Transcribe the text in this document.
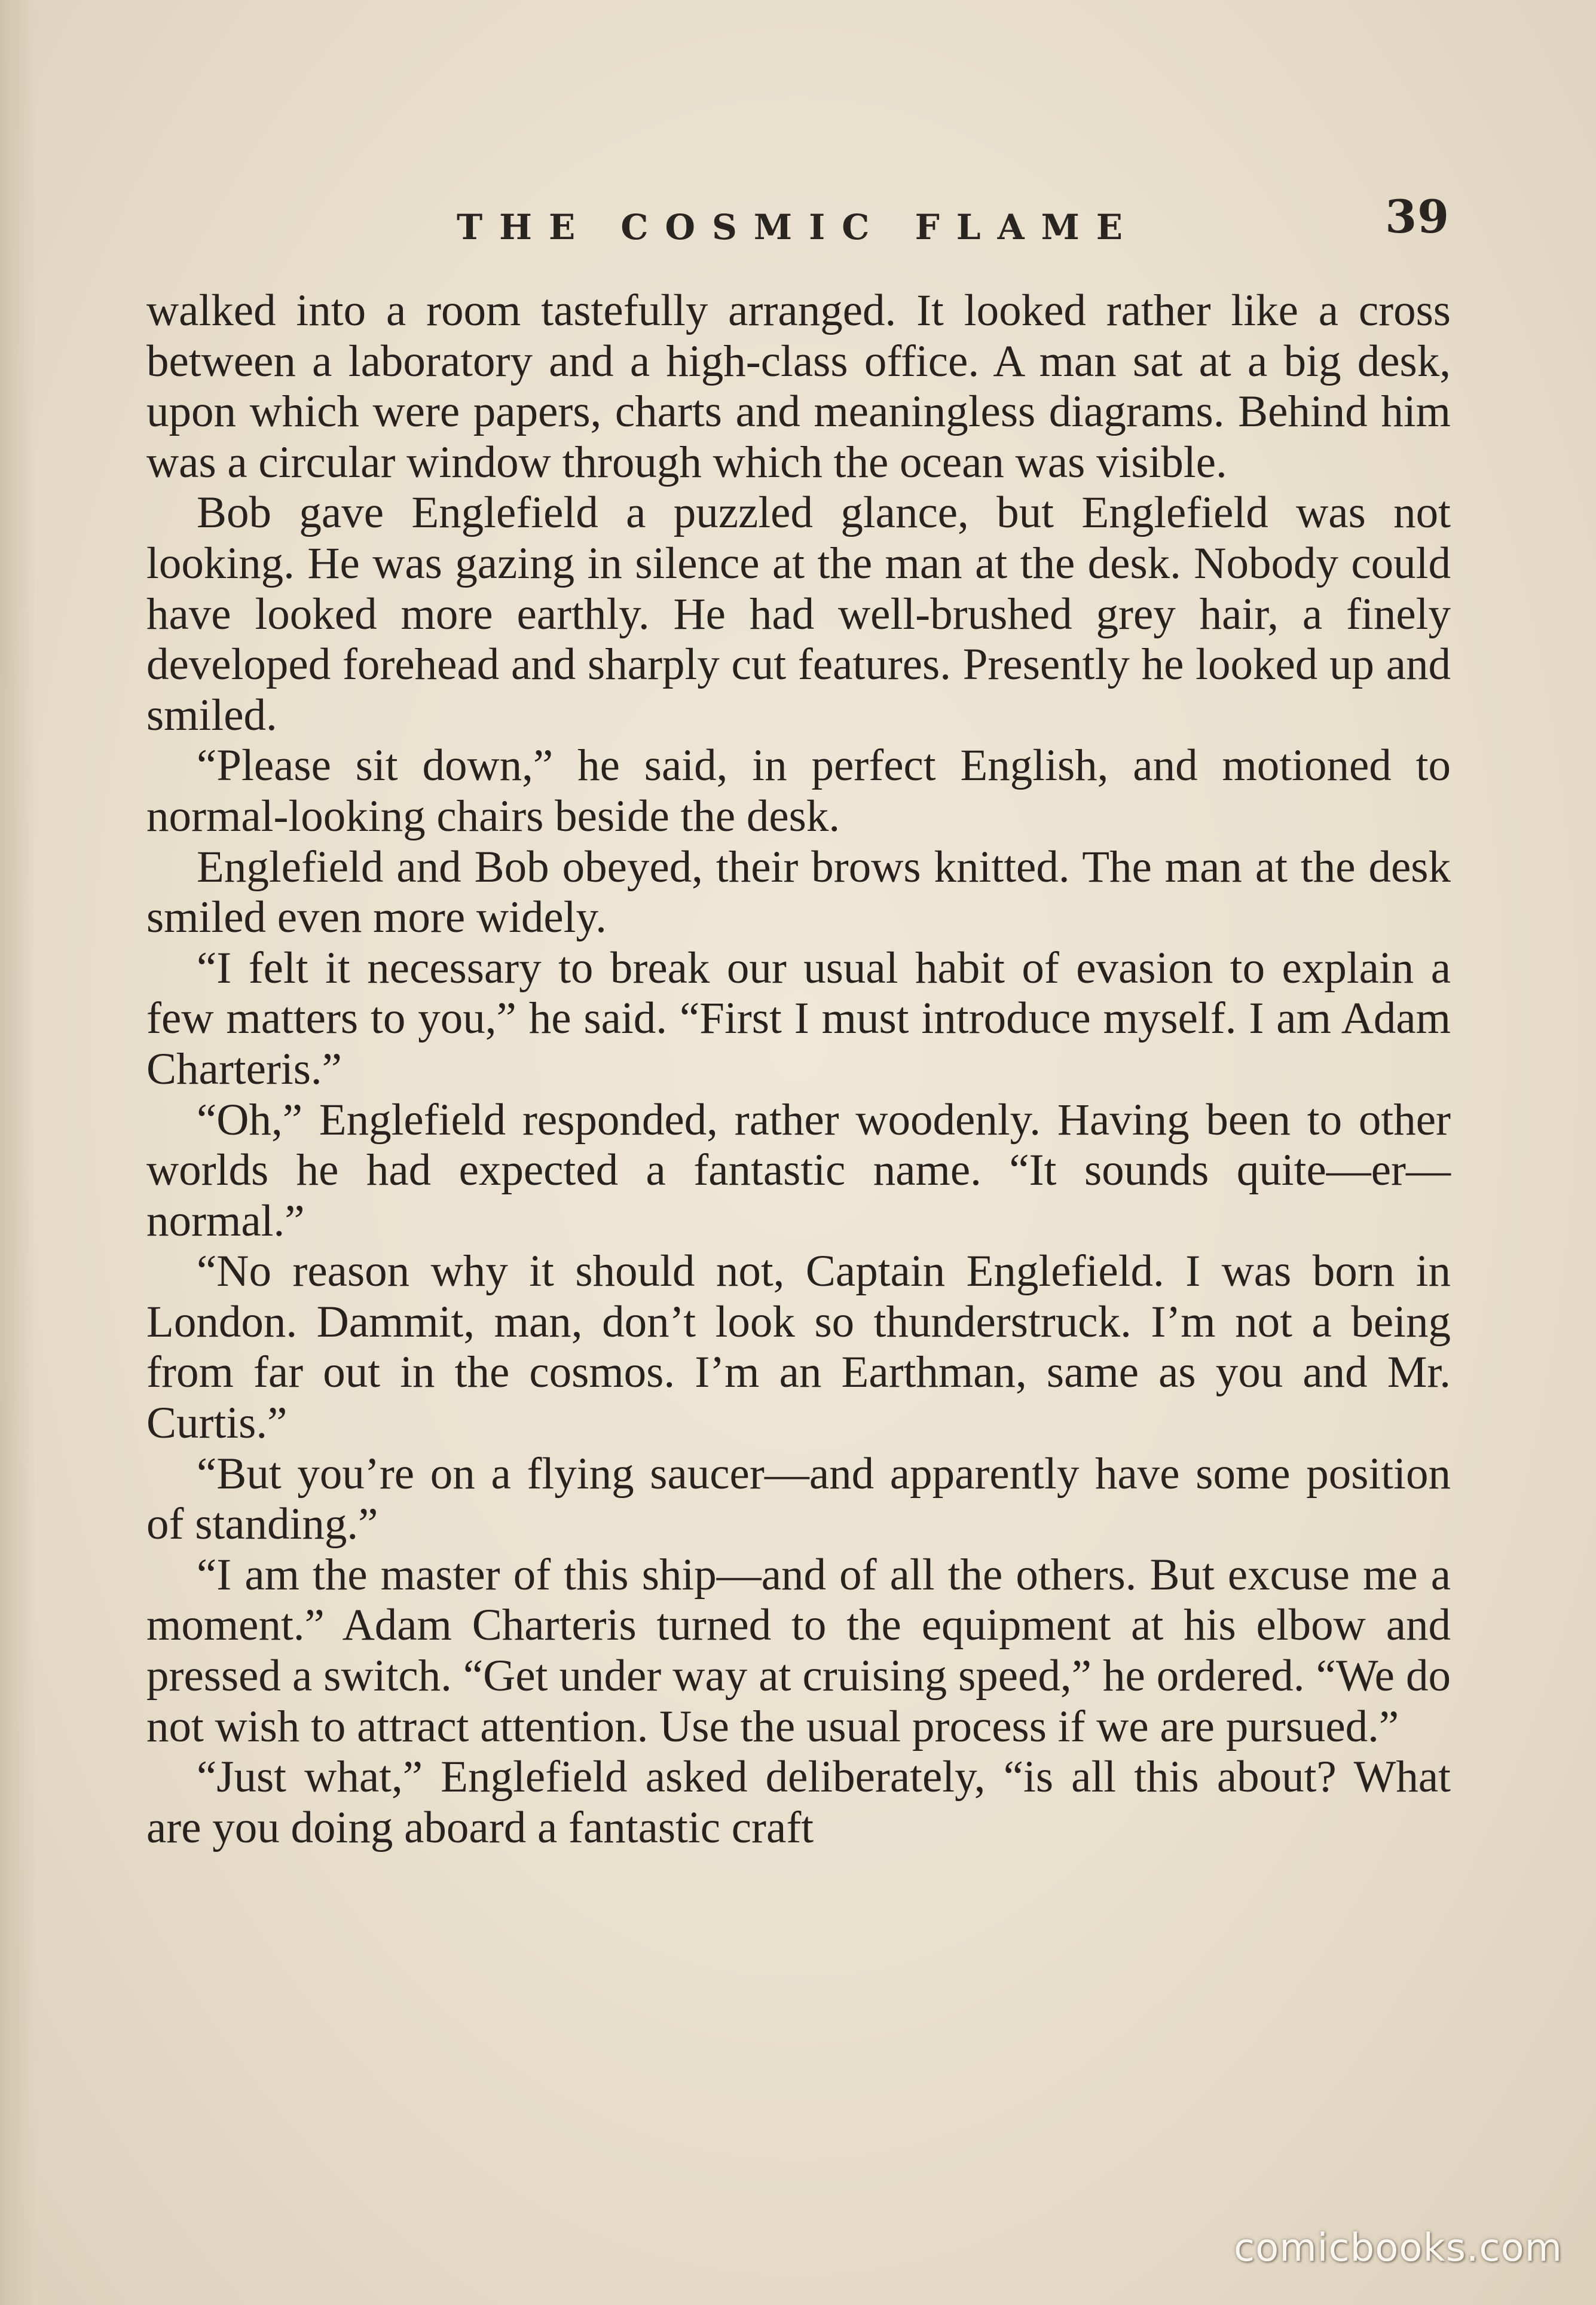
THE COSMIC FLAME	39

walked into a room tastefully arranged. It looked rather like a cross between a laboratory and a high-class office. A man sat at a big desk, upon which were papers, charts and meaningless diagrams. Behind him was a circular window through which the ocean was visible.

Bob gave Englefield a puzzled glance, but Englefield was not looking. He was gazing in silence at the man at the desk. Nobody could have looked more earthly. He had well-brushed grey hair, a finely developed forehead and sharply cut features. Presently he looked up and smiled.

“Please sit down,” he said, in perfect English, and motioned to normal-looking chairs beside the desk.

Englefield and Bob obeyed, their brows knitted. The man at the desk smiled even more widely.

“I felt it necessary to break our usual habit of evasion to explain a few matters to you,” he said. “First I must introduce myself. I am Adam Charteris.”

“Oh,” Englefield responded, rather woodenly. Having been to other worlds he had expected a fantastic name. “It sounds quite—er—normal.”

“No reason why it should not, Captain Englefield. I was born in London. Dammit, man, don’t look so thunderstruck. I’m not a being from far out in the cosmos. I’m an Earthman, same as you and Mr. Curtis.”

“But you’re on a flying saucer—and apparently have some position of standing.”

“I am the master of this ship—and of all the others. But excuse me a moment.” Adam Charteris turned to the equipment at his elbow and pressed a switch. “Get under way at cruising speed,” he ordered. “We do not wish to attract attention. Use the usual process if we are pursued.”

“Just what,” Englefield asked deliberately, “is all this about? What are you doing aboard a fantastic craft

comicbooks.com
